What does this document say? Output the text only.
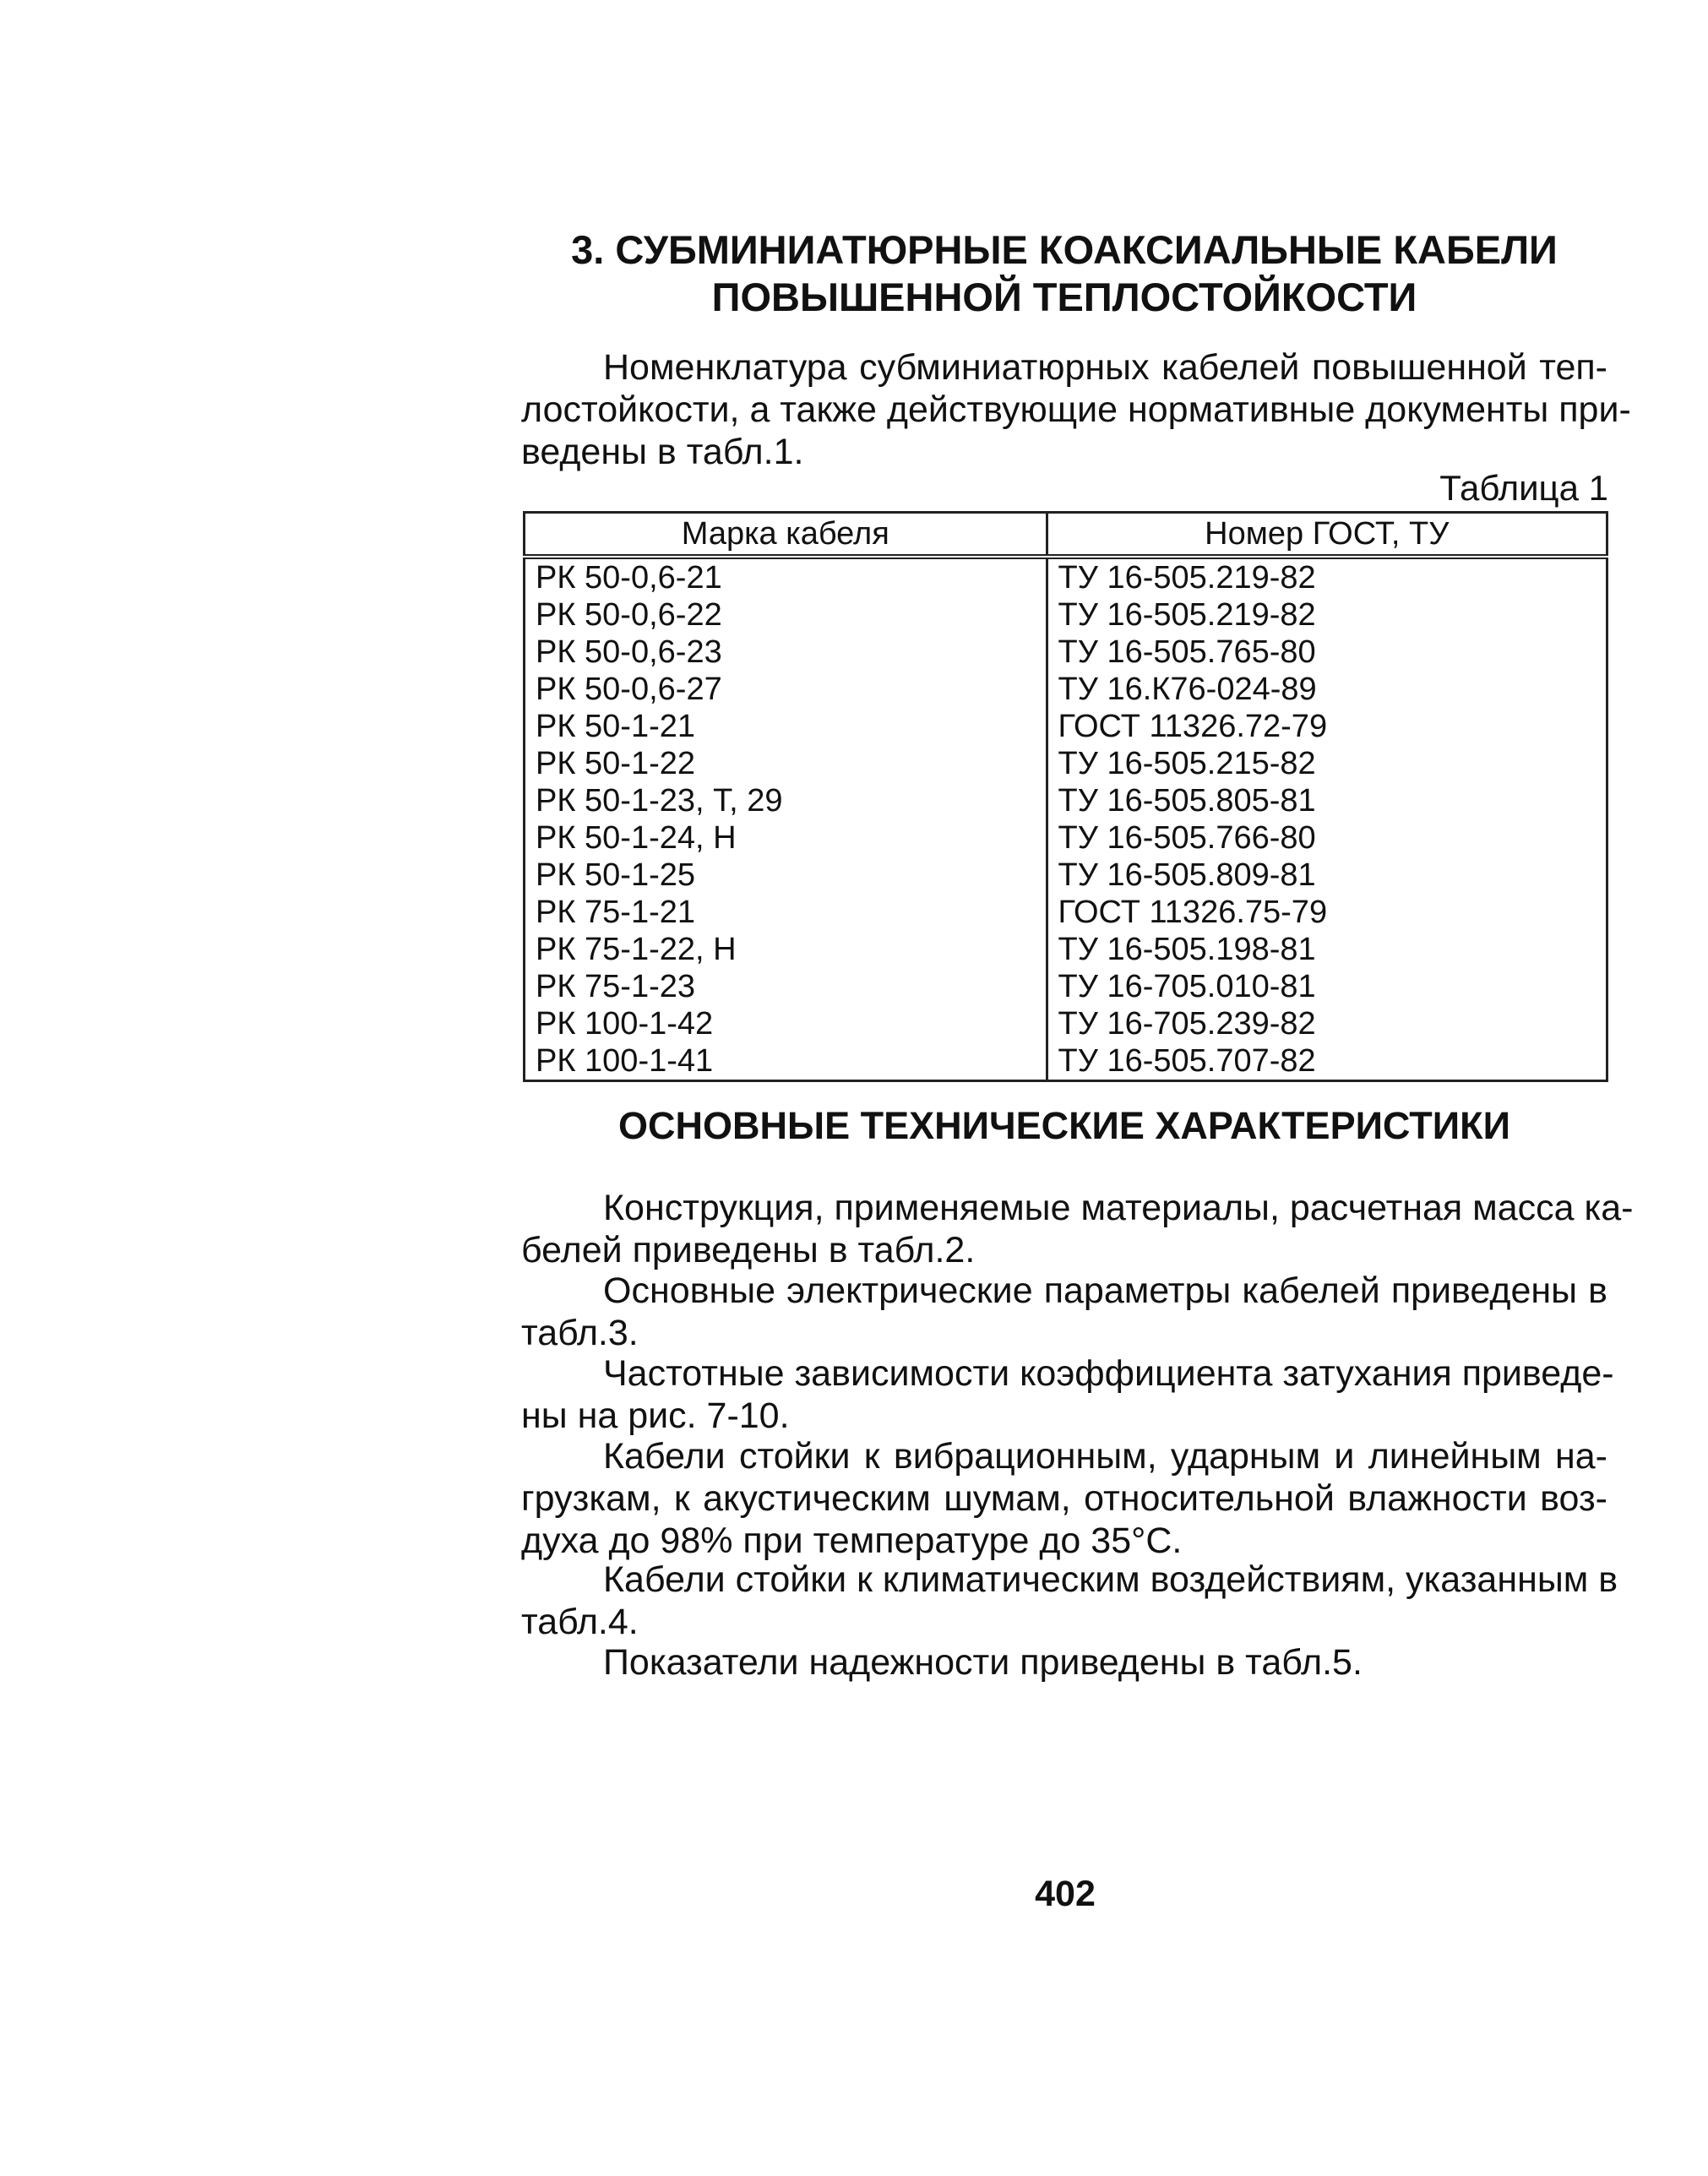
3. СУБМИНИАТЮРНЫЕ КОАКСИАЛЬНЫЕ КАБЕЛИ
ПОВЫШЕННОЙ ТЕПЛОСТОЙКОСТИ
Номенклатура субминиатюрных кабелей повышенной теп-
лостойкости, а также действующие нормативные документы при-
ведены в табл.1.
Таблица 1
Марка кабеля	Номер ГОСТ, ТУ
РК 50-0,6-21	ТУ 16-505.219-82
РК 50-0,6-22	ТУ 16-505.219-82
РК 50-0,6-23	ТУ 16-505.765-80
РК 50-0,6-27	ТУ 16.К76-024-89
РК 50-1-21	ГОСТ 11326.72-79
РК 50-1-22	ТУ 16-505.215-82
РК 50-1-23, Т, 29	ТУ 16-505.805-81
РК 50-1-24, Н	ТУ 16-505.766-80
РК 50-1-25	ТУ 16-505.809-81
РК 75-1-21	ГОСТ 11326.75-79
РК 75-1-22, Н	ТУ 16-505.198-81
РК 75-1-23	ТУ 16-705.010-81
РК 100-1-42	ТУ 16-705.239-82
РК 100-1-41	ТУ 16-505.707-82
ОСНОВНЫЕ ТЕХНИЧЕСКИЕ ХАРАКТЕРИСТИКИ
Конструкция, применяемые материалы, расчетная масса ка-
белей приведены в табл.2.
Основные электрические параметры кабелей приведены в
табл.3.
Частотные зависимости коэффициента затухания приведе-
ны на рис. 7-10.
Кабели стойки к вибрационным, ударным и линейным на-
грузкам, к акустическим шумам, относительной влажности воз-
духа до 98% при температуре до 35°С.
Кабели стойки к климатическим воздействиям, указанным в
табл.4.
Показатели надежности приведены в табл.5.
402
